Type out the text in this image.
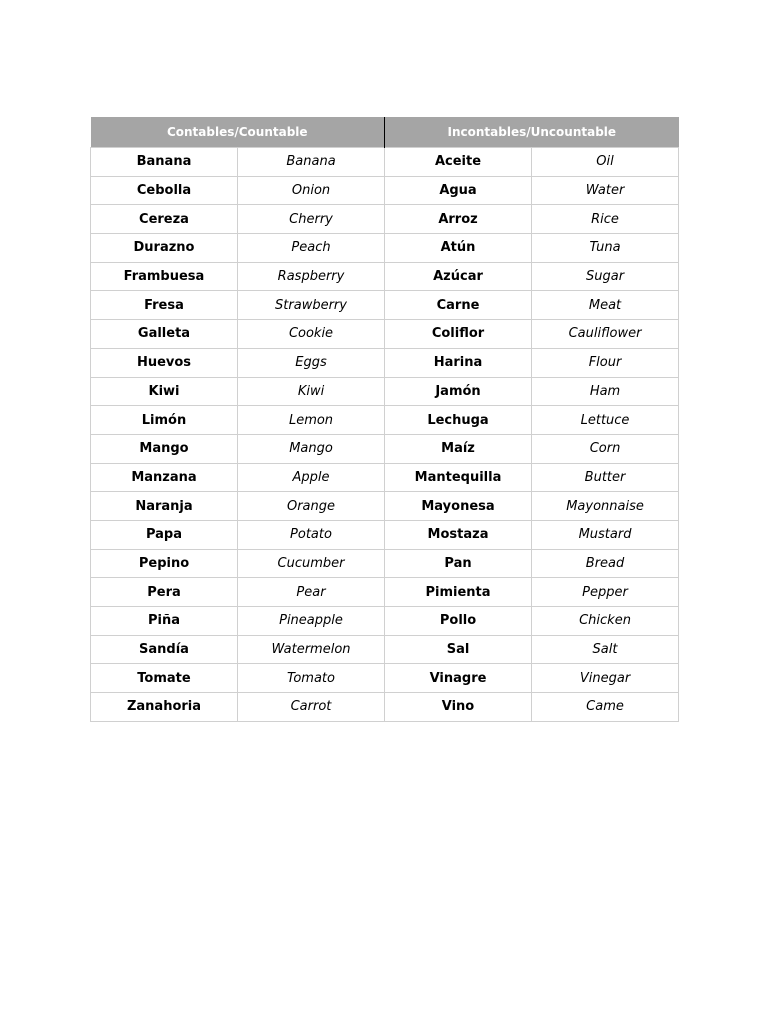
Contables/Countable		Incontables/Uncountable	
Banana	Banana	Aceite	Oil
Cebolla	Onion	Agua	Water
Cereza	Cherry	Arroz	Rice
Durazno	Peach	Atún	Tuna
Frambuesa	Raspberry	Azúcar	Sugar
Fresa	Strawberry	Carne	Meat
Galleta	Cookie	Coliflor	Cauliflower
Huevos	Eggs	Harina	Flour
Kiwi	Kiwi	Jamón	Ham
Limón	Lemon	Lechuga	Lettuce
Mango	Mango	Maíz	Corn
Manzana	Apple	Mantequilla	Butter
Naranja	Orange	Mayonesa	Mayonnaise
Papa	Potato	Mostaza	Mustard
Pepino	Cucumber	Pan	Bread
Pera	Pear	Pimienta	Pepper
Piña	Pineapple	Pollo	Chicken
Sandía	Watermelon	Sal	Salt
Tomate	Tomato	Vinagre	Vinegar
Zanahoria	Carrot	Vino	Came
